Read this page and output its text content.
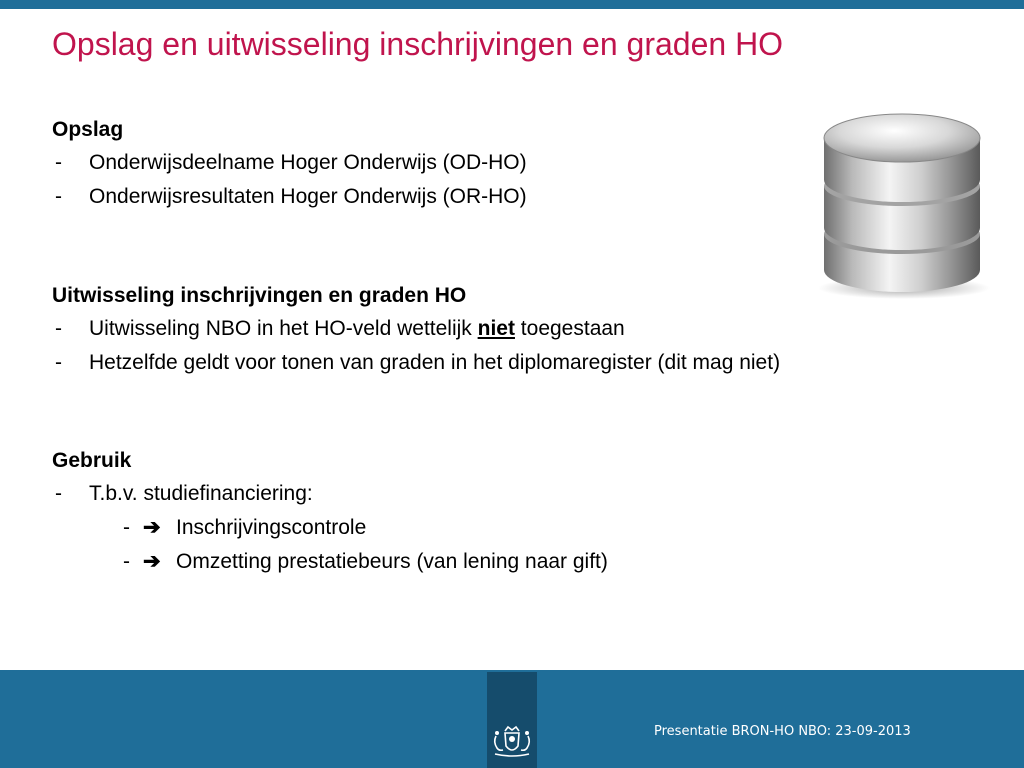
Opslag en uitwisseling inschrijvingen en graden HO
Opslag
- Onderwijsdeelname Hoger Onderwijs (OD-HO)
- Onderwijsresultaten Hoger Onderwijs (OR-HO)
Uitwisseling inschrijvingen en graden HO
- Uitwisseling NBO in het HO-veld wettelijk niet toegestaan
- Hetzelfde geldt voor tonen van graden in het diplomaregister (dit mag niet)
Gebruik
- T.b.v. studiefinanciering:
- ➔ Inschrijvingscontrole
- ➔ Omzetting prestatiebeurs (van lening naar gift)
Presentatie BRON-HO NBO: 23-09-2013
